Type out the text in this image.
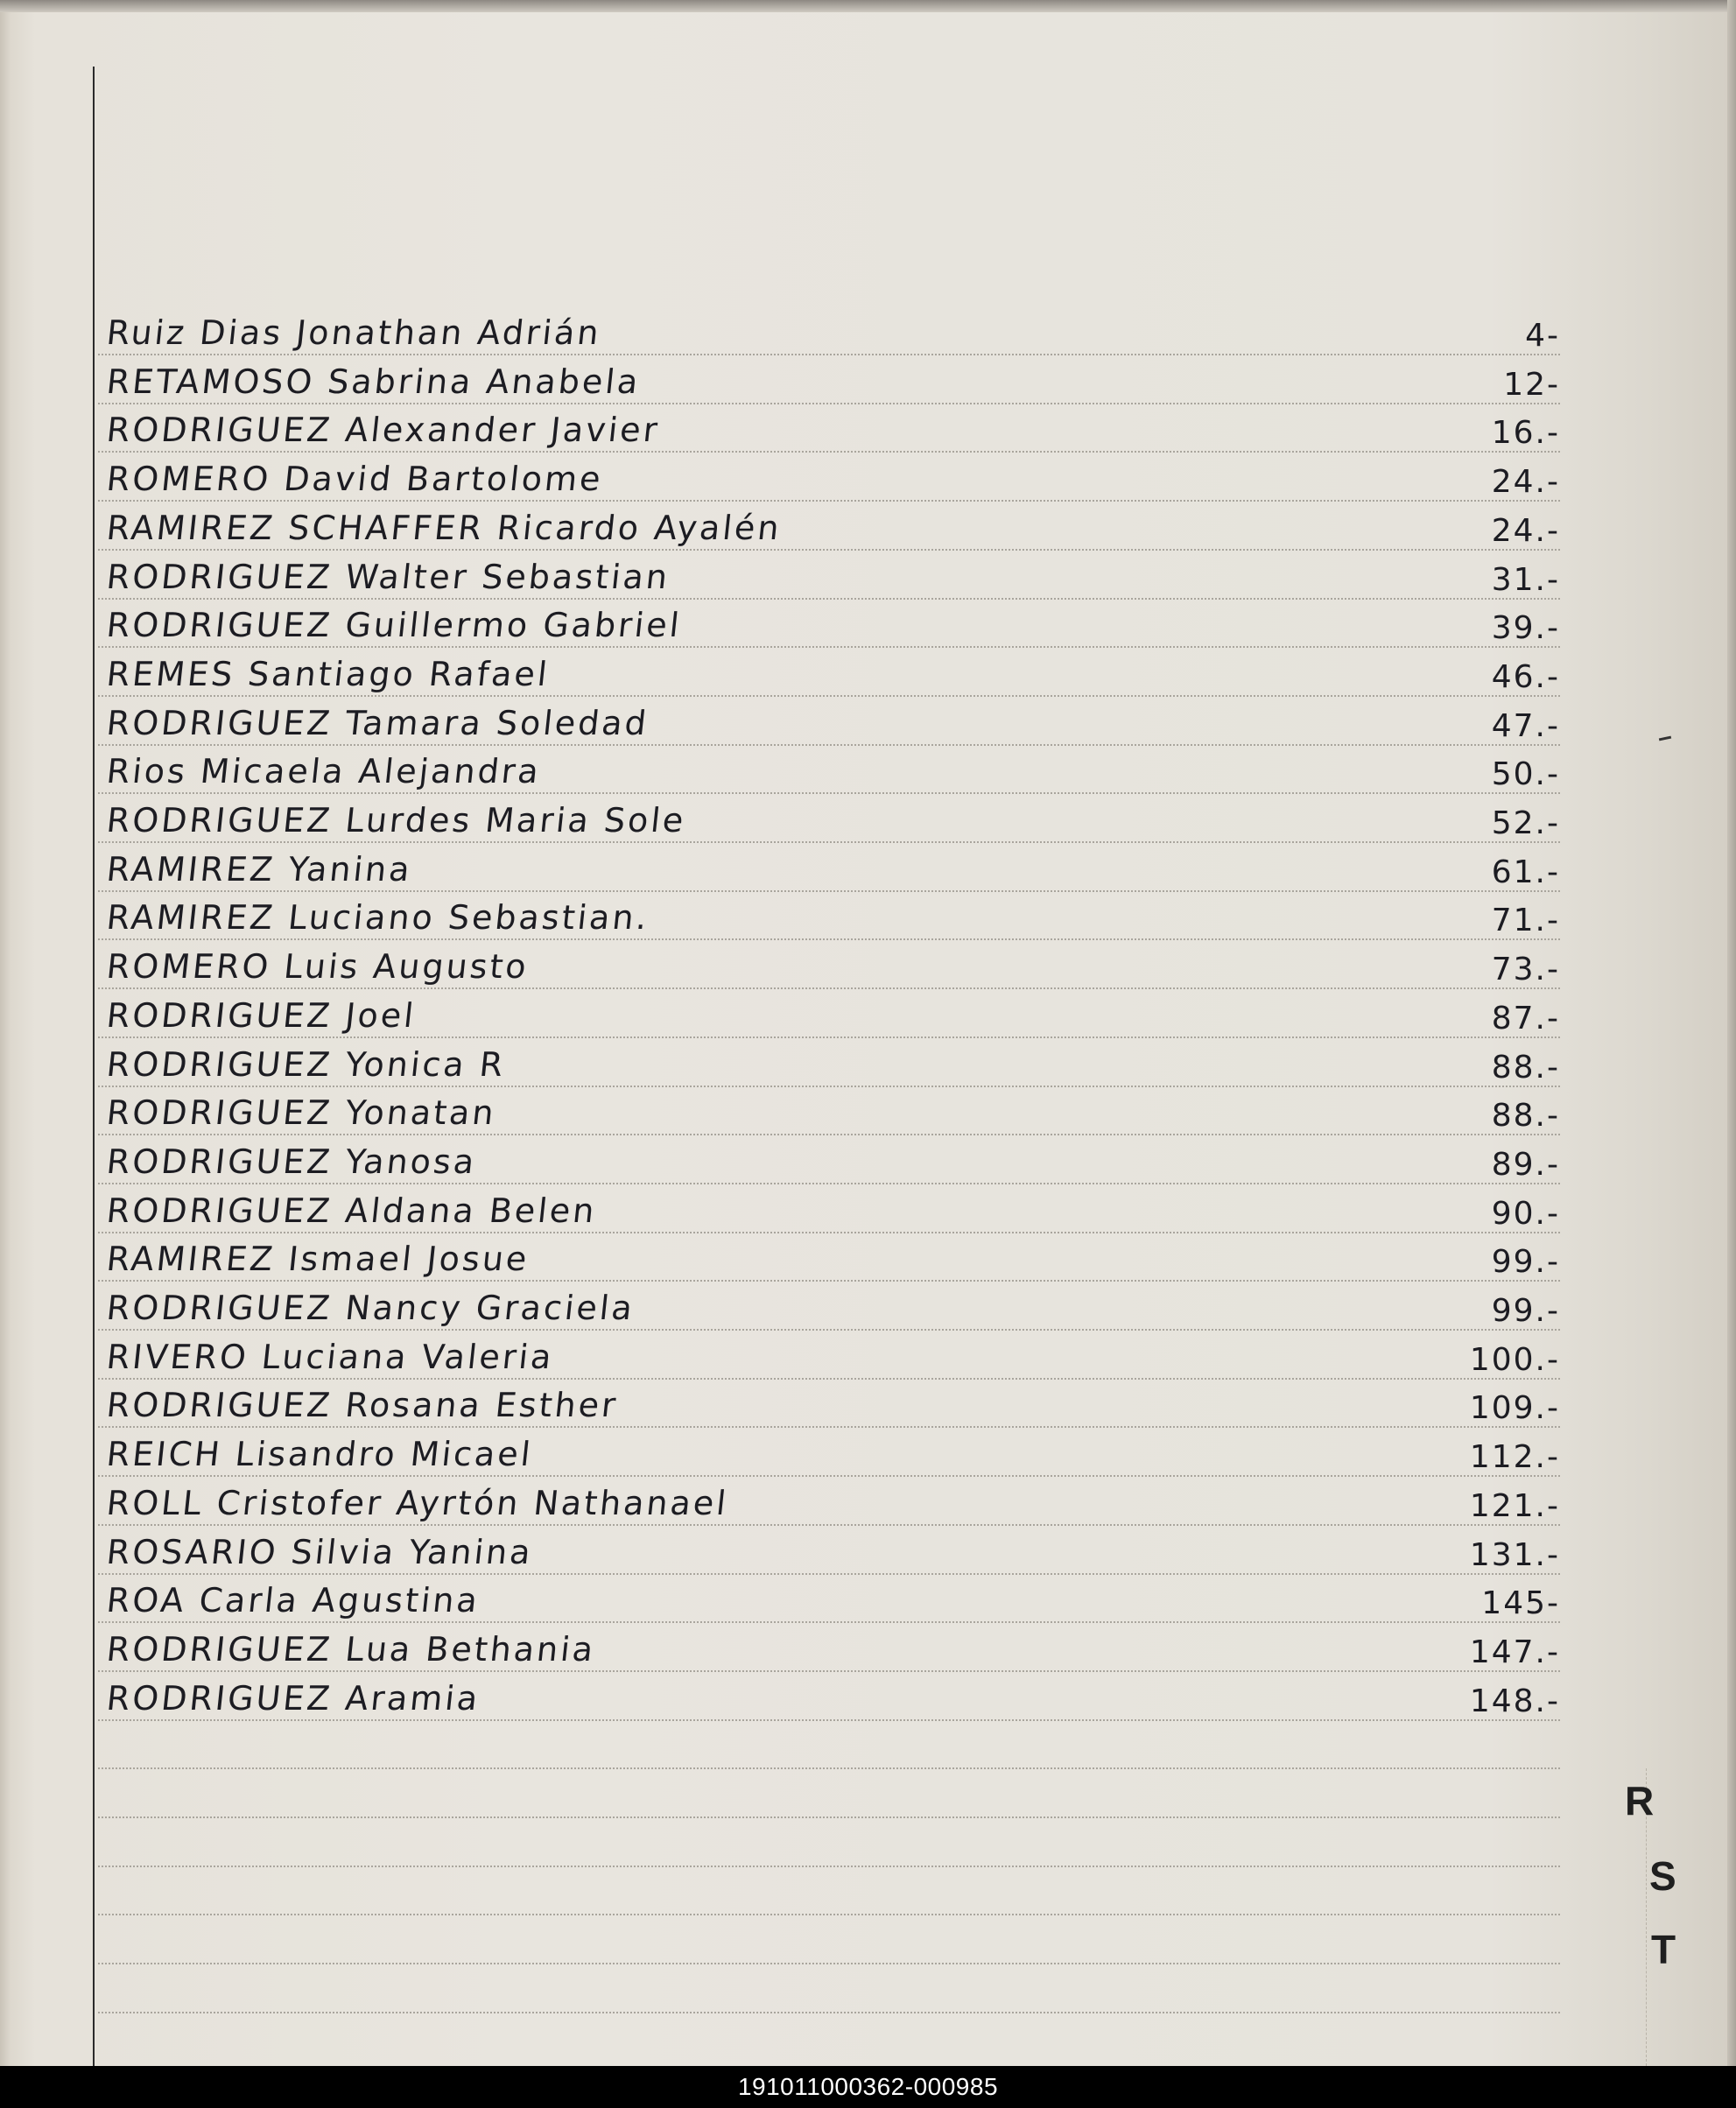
Ruiz Dias Jonathan Adrián	4-
RETAMOSO Sabrina Anabela	12-
RODRIGUEZ Alexander Javier	16.-
ROMERO David Bartolome	24.-
RAMIREZ SCHAFFER Ricardo Ayalén	24.-
RODRIGUEZ Walter Sebastian	31.-
RODRIGUEZ Guillermo Gabriel	39.-
REMES Santiago Rafael	46.-
RODRIGUEZ Tamara Soledad	47.-
Rios Micaela Alejandra	50.-
RODRIGUEZ Lurdes Maria Sole	52.-
RAMIREZ Yanina	61.-
RAMIREZ Luciano Sebastian.	71.-
ROMERO Luis Augusto	73.-
RODRIGUEZ Joel	87.-
RODRIGUEZ Yonica R	88.-
RODRIGUEZ Yonatan	88.-
RODRIGUEZ Yanosa	89.-
RODRIGUEZ Aldana Belen	90.-
RAMIREZ Ismael Josue	99.-
RODRIGUEZ Nancy Graciela	99.-
RIVERO Luciana Valeria	100.-
RODRIGUEZ Rosana Esther	109.-
REICH Lisandro Micael	112.-
ROLL Cristofer Ayrtón Nathanael	121.-
ROSARIO Silvia Yanina	131.-
ROA Carla Agustina	145-
RODRIGUEZ Lua Bethania	147.-
RODRIGUEZ Aramia	148.-
R
S
T
191011000362-000985
